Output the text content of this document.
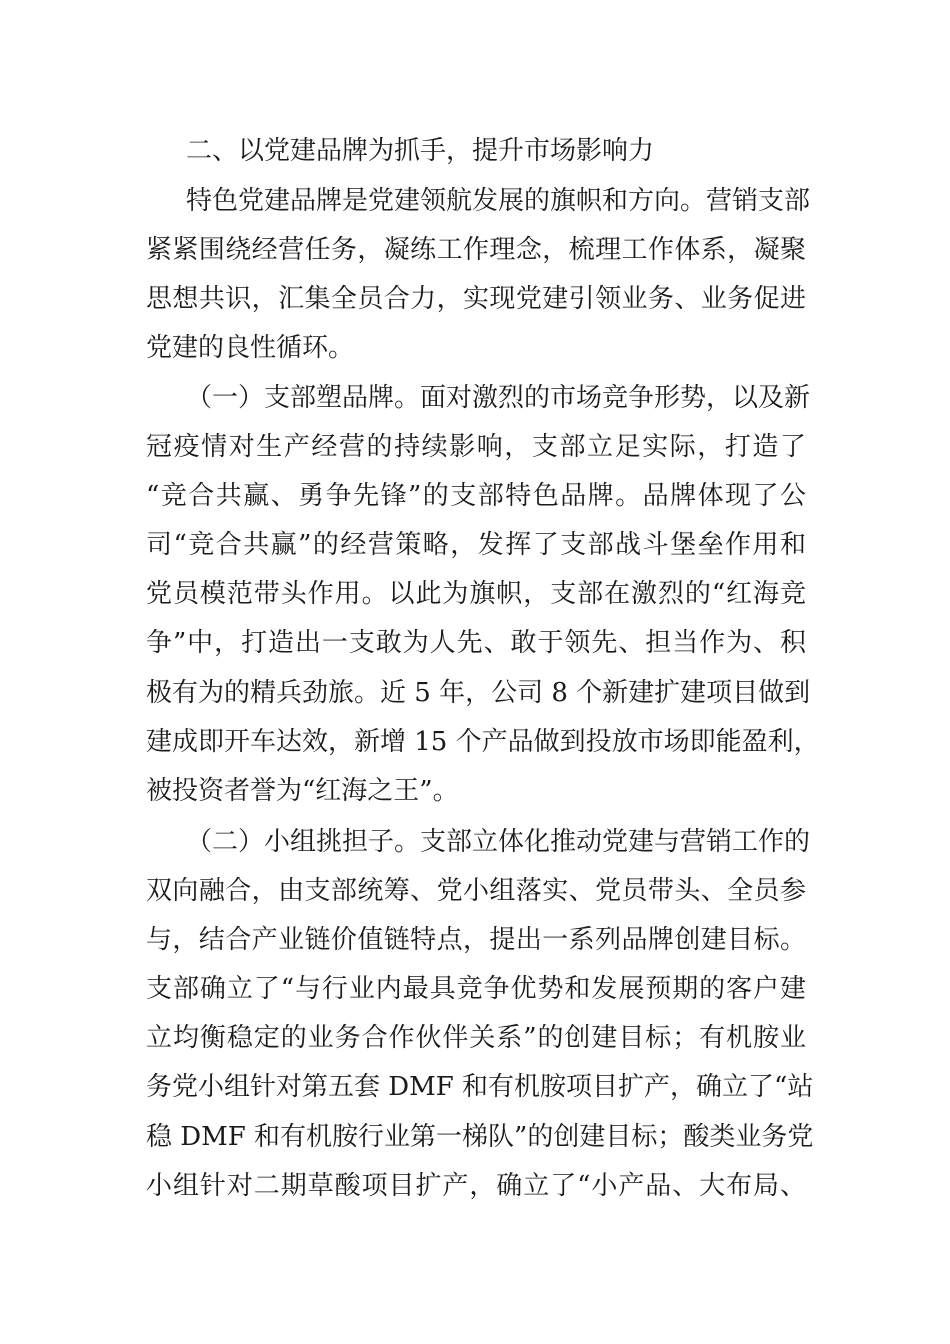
二、以党建品牌为抓手，提升市场影响力
特色党建品牌是党建领航发展的旗帜和方向。营销支部
紧紧围绕经营任务，凝练工作理念，梳理工作体系，凝聚
思想共识，汇集全员合力，实现党建引领业务、业务促进
党建的良性循环。
（一）支部塑品牌。面对激烈的市场竞争形势，以及新
冠疫情对生产经营的持续影响，支部立足实际，打造了
“竞合共赢、勇争先锋”的支部特色品牌。品牌体现了公
司“竞合共赢”的经营策略，发挥了支部战斗堡垒作用和
党员模范带头作用。以此为旗帜，支部在激烈的“红海竞
争”中，打造出一支敢为人先、敢于领先、担当作为、积
极有为的精兵劲旅。近 5 年，公司 8 个新建扩建项目做到
建成即开车达效，新增 15 个产品做到投放市场即能盈利，
被投资者誉为“红海之王”。
（二）小组挑担子。支部立体化推动党建与营销工作的
双向融合，由支部统筹、党小组落实、党员带头、全员参
与，结合产业链价值链特点，提出一系列品牌创建目标。
支部确立了“与行业内最具竞争优势和发展预期的客户建
立均衡稳定的业务合作伙伴关系”的创建目标；有机胺业
务党小组针对第五套 DMF 和有机胺项目扩产，确立了“站
稳 DMF 和有机胺行业第一梯队”的创建目标；酸类业务党
小组针对二期草酸项目扩产，确立了“小产品、大布局、
